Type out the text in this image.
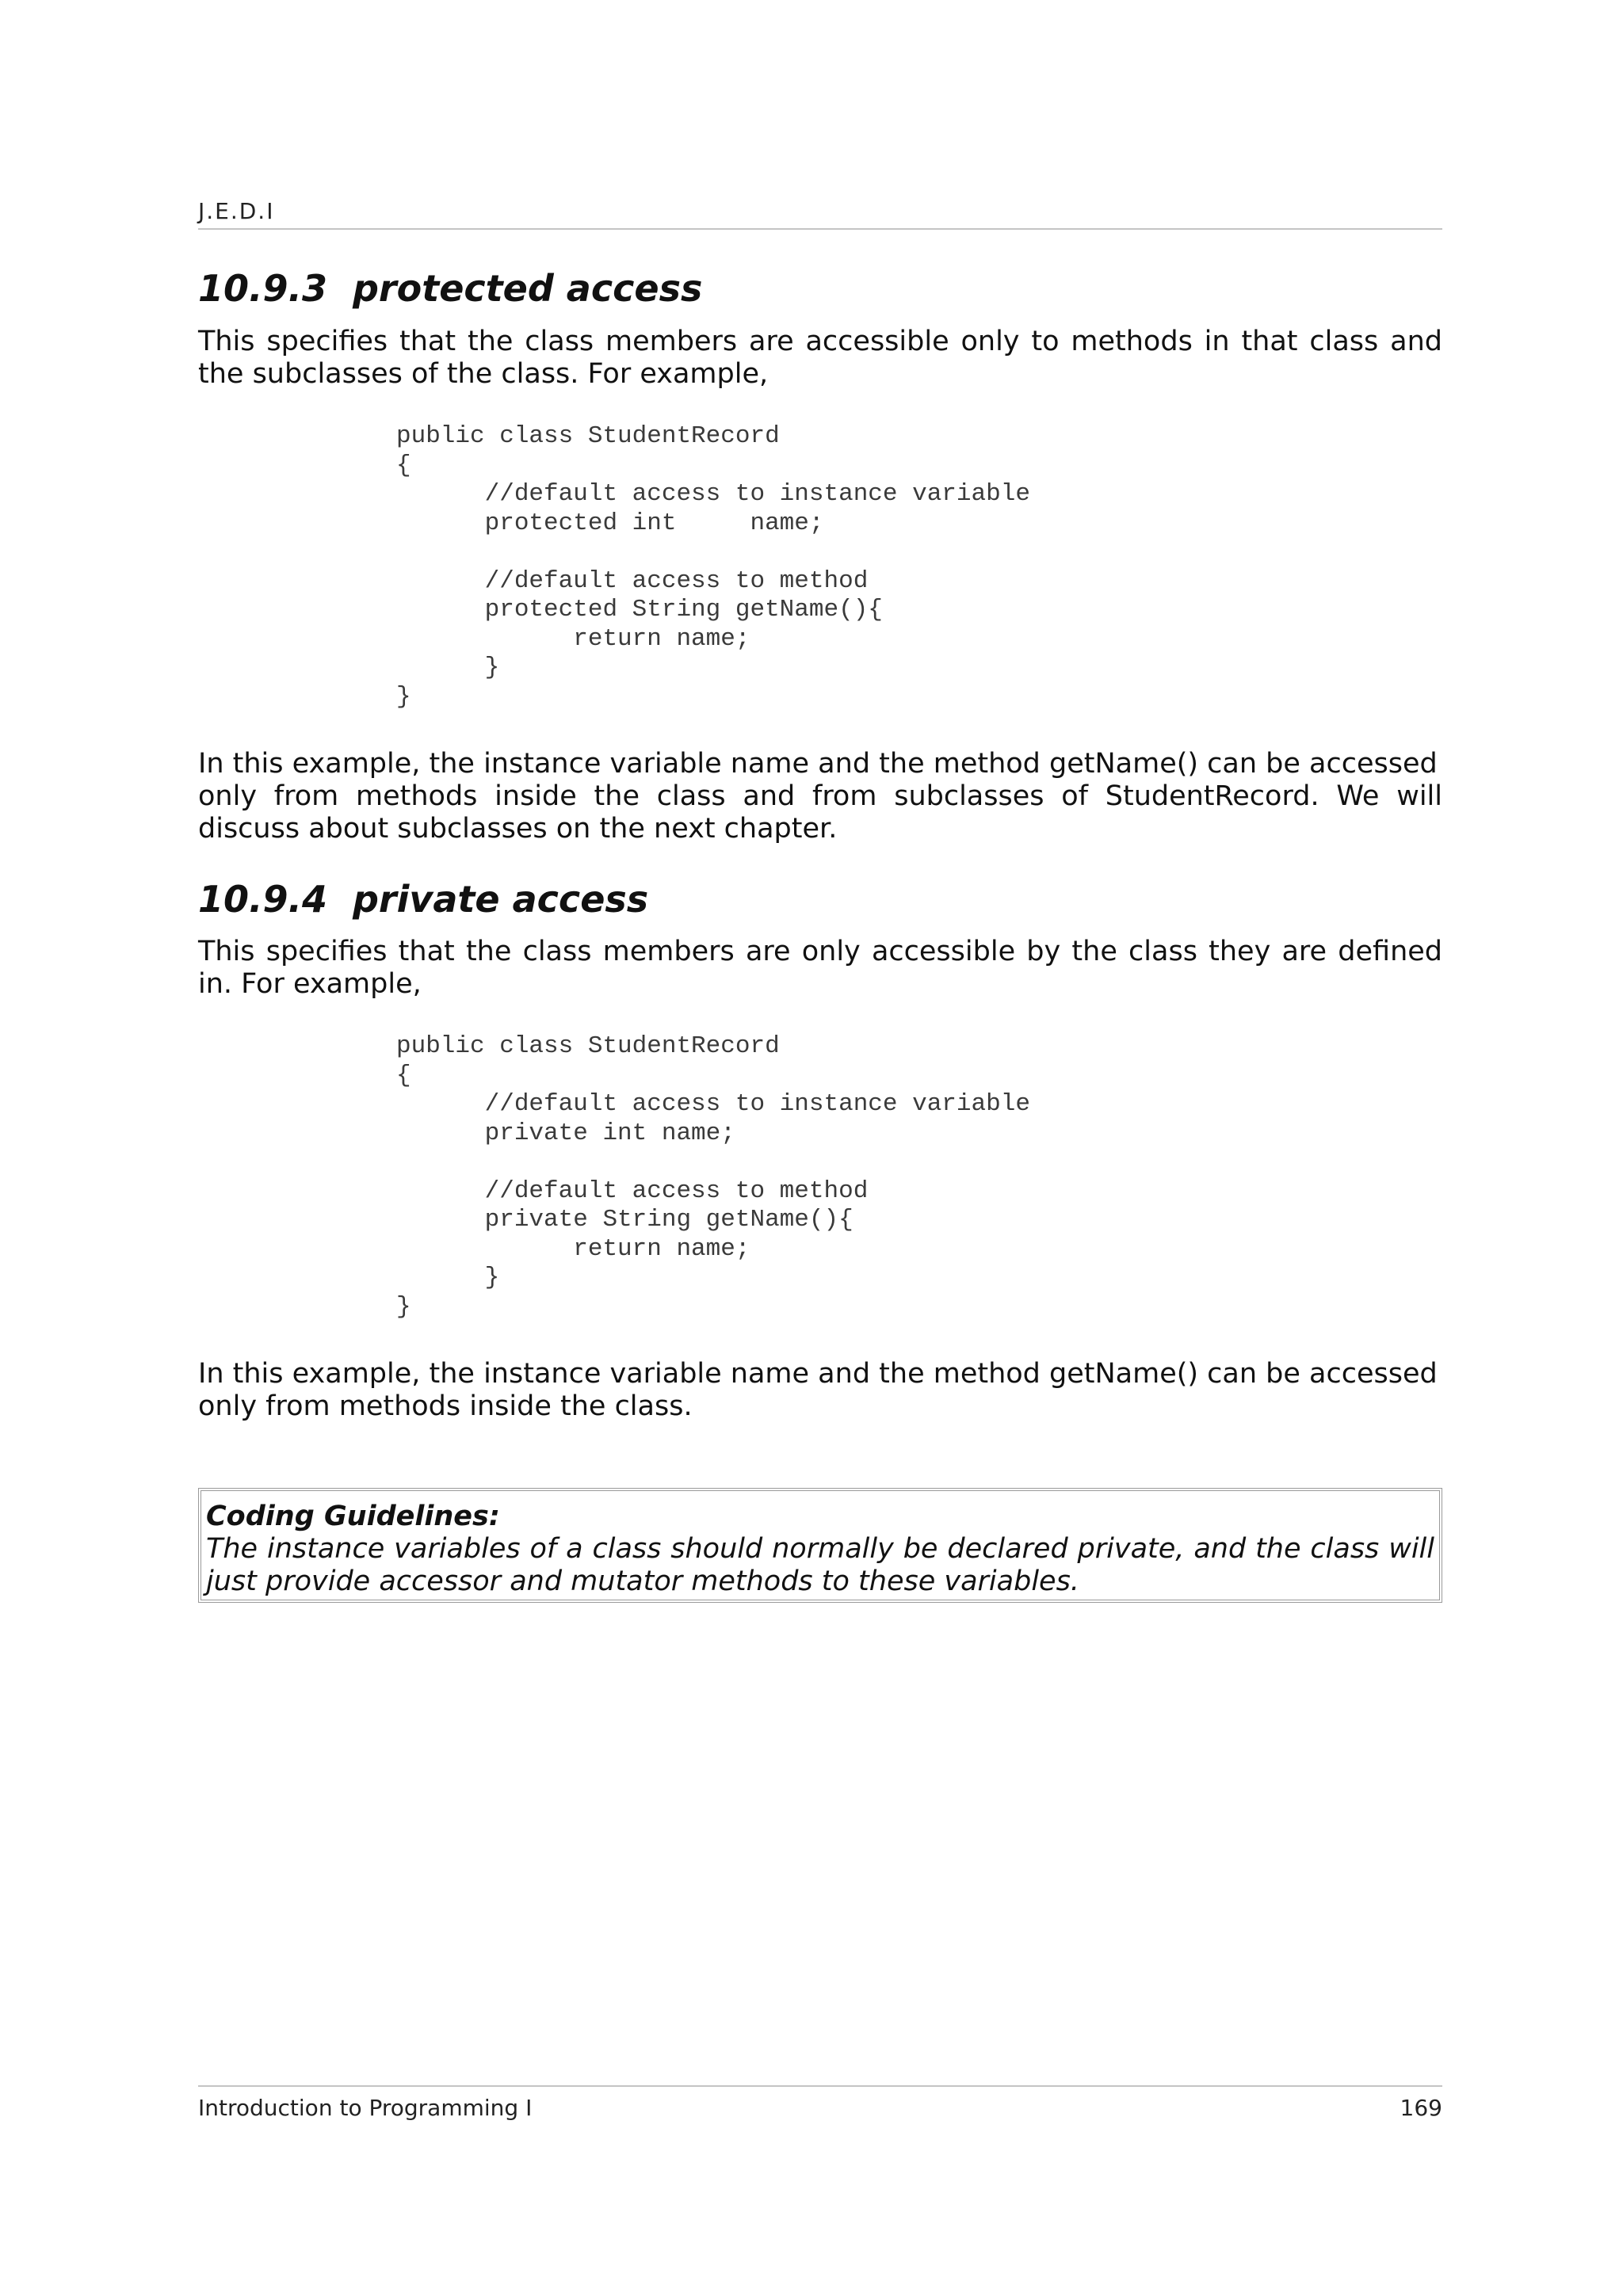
J.E.D.I
10.9.3  protected access

This specifies that the class members are accessible only to methods in that class and

the subclasses of the class. For example,

public class StudentRecord
{
//default access to instance variable
protected int     name;

//default access to method
protected String getName(){
return name;
}
}

In this example, the instance variable name and the method getName() can be accessed

only from methods inside the class and from subclasses of StudentRecord. We will

discuss about subclasses on the next chapter.

10.9.4  private access

This specifies that the class members are only accessible by the class they are defined

in. For example,

public class StudentRecord
{
//default access to instance variable
private int name;

//default access to method
private String getName(){
return name;
}
}

In this example, the instance variable name and the method getName() can be accessed

only from methods inside the class.

Coding Guidelines:

The instance variables of a class should normally be declared private, and the class will

just provide accessor and mutator methods to these variables.

Introduction to Programming I	169
